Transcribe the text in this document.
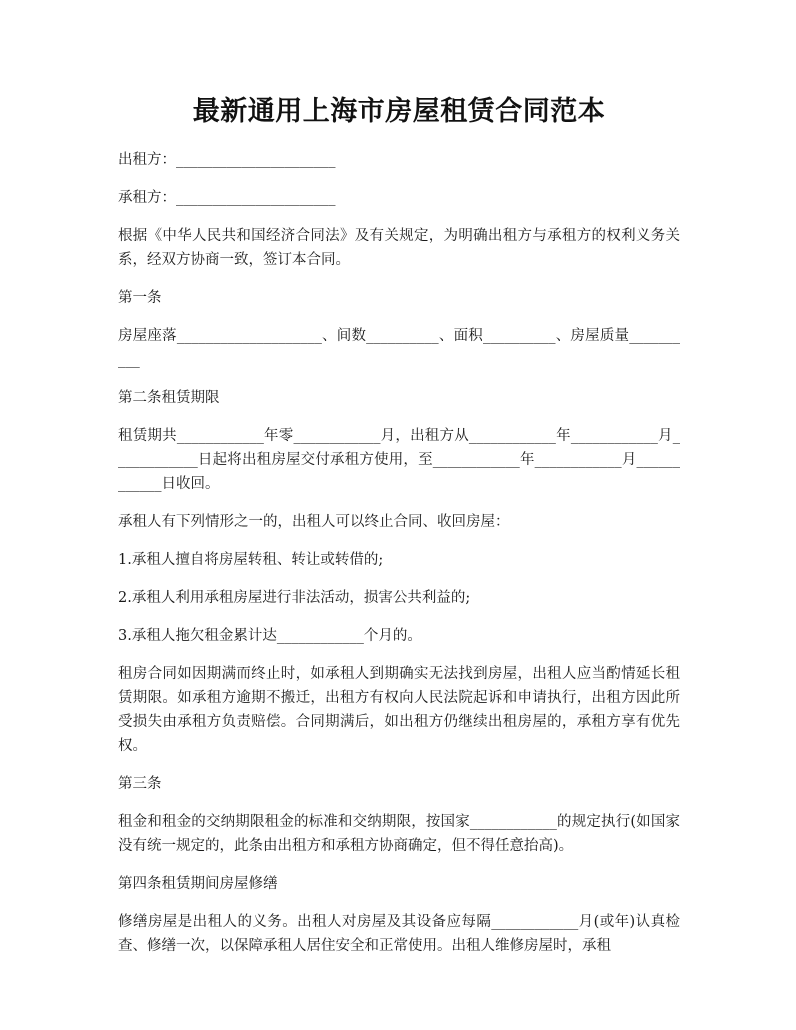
最新通用上海市房屋租赁合同范本

出租方：______________________

承租方：______________________

根据《中华人民共和国经济合同法》及有关规定，为明确出租方与承租方的权利义务关系，经双方协商一致，签订本合同。

第一条

房屋座落____________________、间数__________、面积__________、房屋质量__________

第二条租赁期限

租赁期共____________年零____________月，出租方从____________年____________月____________日起将出租房屋交付承租方使用，至____________年____________月____________日收回。

承租人有下列情形之一的，出租人可以终止合同、收回房屋：

1.承租人擅自将房屋转租、转让或转借的;

2.承租人利用承租房屋进行非法活动，损害公共利益的;

3.承租人拖欠租金累计达____________个月的。

租房合同如因期满而终止时，如承租人到期确实无法找到房屋，出租人应当酌情延长租赁期限。如承租方逾期不搬迁，出租方有权向人民法院起诉和申请执行，出租方因此所受损失由承租方负责赔偿。合同期满后，如出租方仍继续出租房屋的，承租方享有优先权。

第三条

租金和租金的交纳期限租金的标准和交纳期限，按国家____________的规定执行(如国家没有统一规定的，此条由出租方和承租方协商确定，但不得任意抬高)。

第四条租赁期间房屋修缮

修缮房屋是出租人的义务。出租人对房屋及其设备应每隔____________月(或年)认真检查、修缮一次，以保障承租人居住安全和正常使用。出租人维修房屋时，承租
